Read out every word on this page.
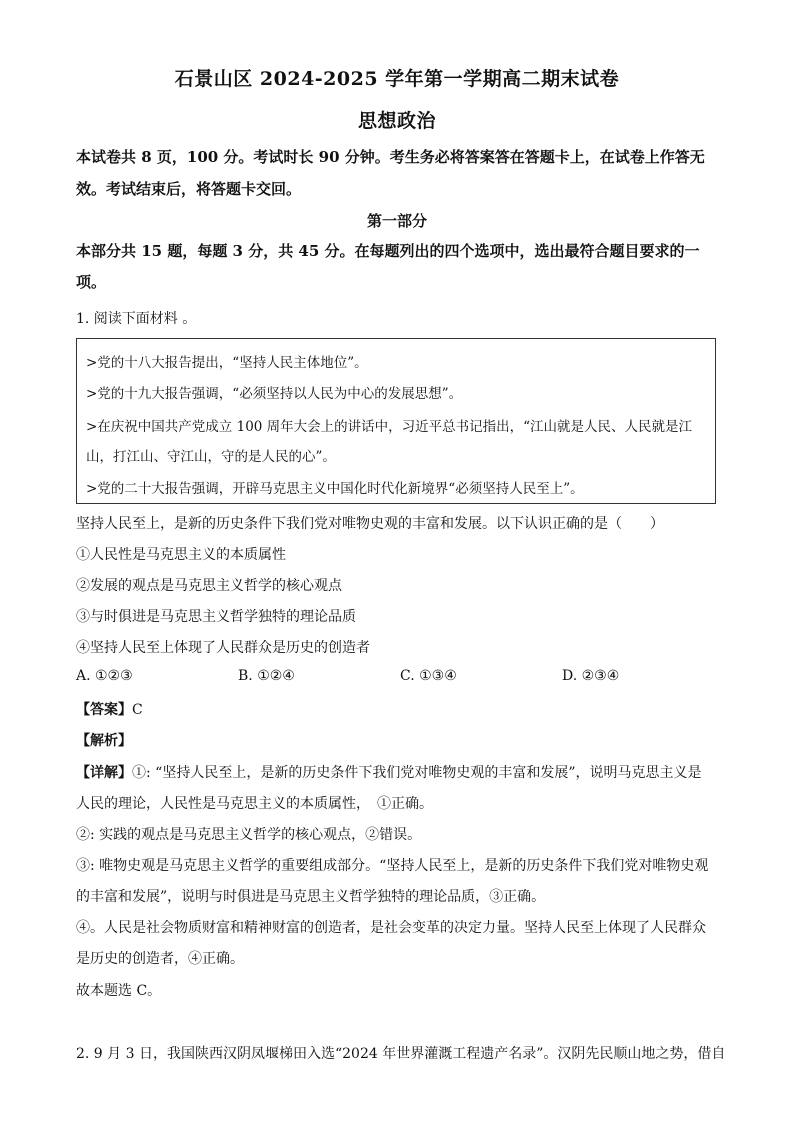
石景山区 2024-2025 学年第一学期高二期末试卷
思想政治
本试卷共 8 页，100 分。考试时长 90 分钟。考生务必将答案答在答题卡上，在试卷上作答无
效。考试结束后，将答题卡交回。
第一部分
本部分共 15 题，每题 3 分，共 45 分。在每题列出的四个选项中，选出最符合题目要求的一
项。
1. 阅读下面材料 。
>党的十八大报告提出，“坚持人民主体地位”。
>党的十九大报告强调，“必须坚持以人民为中心的发展思想”。
>在庆祝中国共产党成立 100 周年大会上的讲话中，习近平总书记指出，“江山就是人民、人民就是江
山，打江山、守江山，守的是人民的心”。
>党的二十大报告强调，开辟马克思主义中国化时代化新境界“必须坚持人民至上”。
坚持人民至上，是新的历史条件下我们党对唯物史观的丰富和发展。以下认识正确的是（　　）
①人民性是马克思主义的本质属性
②发展的观点是马克思主义哲学的核心观点
③与时俱进是马克思主义哲学独特的理论品质
④坚持人民至上体现了人民群众是历史的创造者
A. ①②③	B. ①②④	C. ①③④	D. ②③④
【答案】C
【解析】
【详解】①: “坚持人民至上，是新的历史条件下我们党对唯物史观的丰富和发展”，说明马克思主义是
人民的理论，人民性是马克思主义的本质属性，　①正确。
②: 实践的观点是马克思主义哲学的核心观点，②错误。
③: 唯物史观是马克思主义哲学的重要组成部分。“坚持人民至上，是新的历史条件下我们党对唯物史观
的丰富和发展”，说明与时俱进是马克思主义哲学独特的理论品质，③正确。
④。人民是社会物质财富和精神财富的创造者，是社会变革的决定力量。坚持人民至上体现了人民群众
是历史的创造者，④正确。
故本题选 C。
2. 9 月 3 日，我国陕西汉阴凤堰梯田入选“2024 年世界灌溉工程遗产名录”。汉阴先民顺山地之势，借自
